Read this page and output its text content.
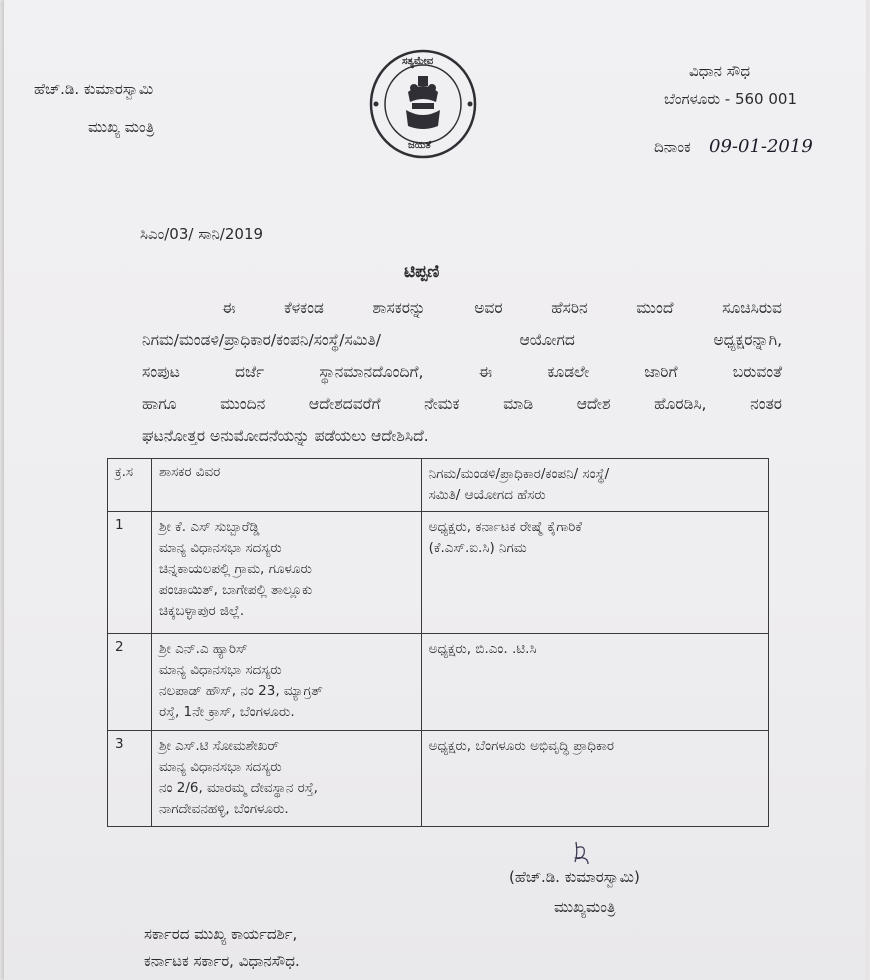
ಹೆಚ್.ಡಿ. ಕುಮಾರಸ್ವಾಮಿ
ಮುಖ್ಯ ಮಂತ್ರಿ
ಸತ್ಯಮೇವ
ಜಯತೆ
ವಿಧಾನ ಸೌಧ
ಬೆಂಗಳೂರು - 560 001
ದಿನಾಂಕ 09-01-2019
ಸಿಎಂ/03/ ಸಾನಿ/2019
ಟಿಪ್ಪಣಿ
ಈ ಕೆಳಕಂಡ ಶಾಸಕರನ್ನು ಅವರ ಹೆಸರಿನ ಮುಂದೆ ಸೂಚಿಸಿರುವ
ನಿಗಮ/ಮಂಡಳಿ/ಪ್ರಾಧಿಕಾರ/ಕಂಪನಿ/ಸಂಸ್ಥೆ/ಸಮಿತಿ/ ಆಯೋಗದ ಅಧ್ಯಕ್ಷರನ್ನಾಗಿ,
ಸಂಪುಟ ದರ್ಜೆ ಸ್ಥಾನಮಾನದೊಂದಿಗೆ, ಈ ಕೂಡಲೇ ಜಾರಿಗೆ ಬರುವಂತೆ
ಹಾಗೂ ಮುಂದಿನ ಆದೇಶದವರೆಗೆ ನೇಮಕ ಮಾಡಿ ಆದೇಶ ಹೊರಡಿಸಿ, ನಂತರ
ಘಟನೋತ್ತರ ಅನುಮೋದನೆಯನ್ನು ಪಡೆಯಲು ಆದೇಶಿಸಿದೆ.
ಕ್ರ.ಸ	ಶಾಸಕರ ವಿವರ	ನಿಗಮ/ಮಂಡಳಿ/ಪ್ರಾಧಿಕಾರ/ಕಂಪನಿ/ ಸಂಸ್ಥೆ/
ಸಮಿತಿ/ ಆಯೋಗದ ಹೆಸರು

1	ಶ್ರೀ ಕೆ. ಎಸ್ ಸುಬ್ಬಾರೆಡ್ಡಿ
ಮಾನ್ಯ ವಿಧಾನಸಭಾ ಸದಸ್ಯರು
ಚಿನ್ನಕಾಯಲಪಲ್ಲಿ ಗ್ರಾಮ, ಗೂಳೂರು
ಪಂಚಾಯಿತ್, ಬಾಗೇಪಲ್ಲಿ ತಾಲ್ಲೂಕು
ಚಿಕ್ಕಬಳ್ಳಾಪುರ ಜಿಲ್ಲೆ.	ಅಧ್ಯಕ್ಷರು, ಕರ್ನಾಟಕ ರೇಷ್ಮೆ ಕೈಗಾರಿಕೆ
(ಕೆ.ಎಸ್.ಐ.ಸಿ) ನಿಗಮ

2	ಶ್ರೀ ಎನ್.ಎ ಹ್ಯಾರಿಸ್
ಮಾನ್ಯ ವಿಧಾನಸಭಾ ಸದಸ್ಯರು
ನಲಪಾಡ್ ಹೌಸ್, ನಂ 23, ಮ್ಯಾಗ್ರತ್
ರಸ್ತೆ, 1ನೇ ಕ್ರಾಸ್, ಬೆಂಗಳೂರು.	ಅಧ್ಯಕ್ಷರು, ಬಿ.ಎಂ. .ಟಿ.ಸಿ

3	ಶ್ರೀ ಎಸ್.ಟಿ ಸೋಮಶೇಖರ್
ಮಾನ್ಯ ವಿಧಾನಸಭಾ ಸದಸ್ಯರು
ನಂ 2/6, ಮಾರಮ್ಮ ದೇವಸ್ಥಾನ ರಸ್ತೆ,
ನಾಗದೇವನಹಳ್ಳಿ, ಬೆಂಗಳೂರು.	ಅಧ್ಯಕ್ಷರು, ಬೆಂಗಳೂರು ಅಭಿವೃದ್ಧಿ ಪ್ರಾಧಿಕಾರ
(ಹೆಚ್.ಡಿ. ಕುಮಾರಸ್ವಾಮಿ)
ಮುಖ್ಯಮಂತ್ರಿ
ಸರ್ಕಾರದ ಮುಖ್ಯ ಕಾರ್ಯದರ್ಶಿ,
ಕರ್ನಾಟಕ ಸರ್ಕಾರ, ವಿಧಾನಸೌಧ.
